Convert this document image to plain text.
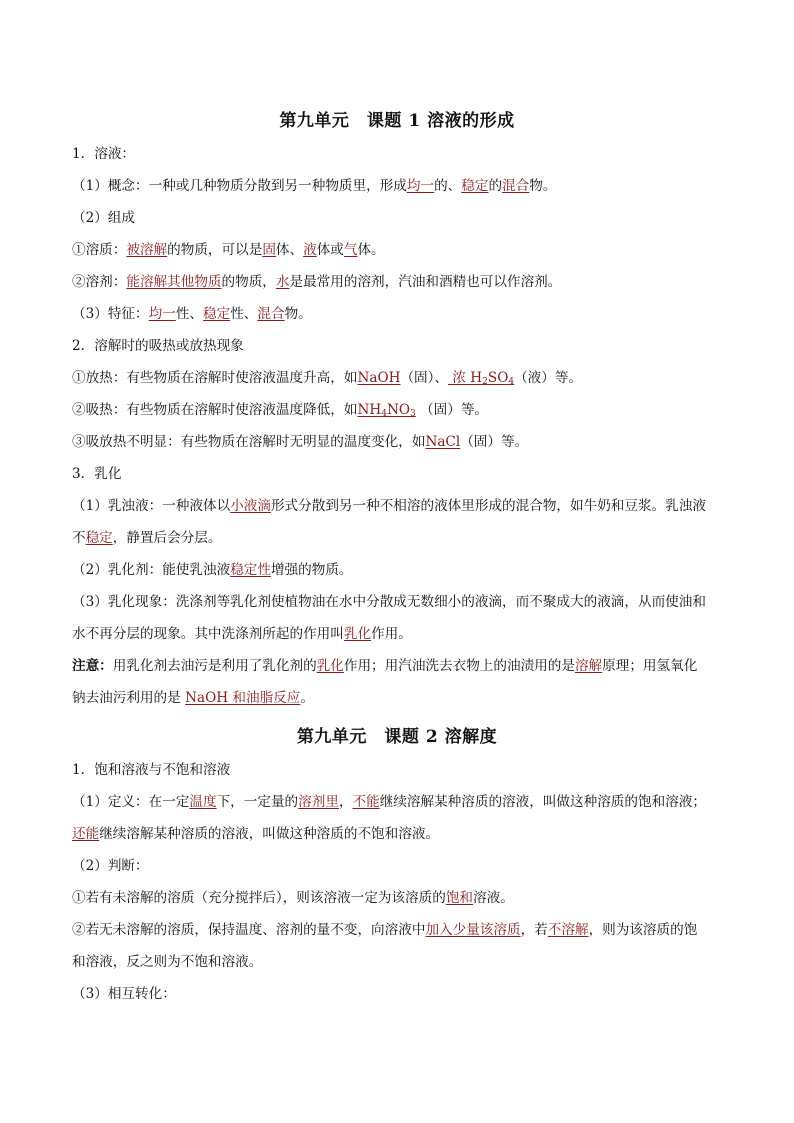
第九单元　课题 1 溶液的形成
1．溶液：
（1）概念：一种或几种物质分散到另一种物质里，形成均一的、稳定的混合物。
（2）组成
①溶质：被溶解的物质，可以是固体、液体或气体。
②溶剂：能溶解其他物质的物质，水是最常用的溶剂，汽油和酒精也可以作溶剂。
（3）特征：均一性、稳定性、混合物。
2．溶解时的吸热或放热现象
①放热：有些物质在溶解时使溶液温度升高，如NaOH（固）、 浓 $H_2SO_4$（液）等。
②吸热：有些物质在溶解时使溶液温度降低，如$NH_4NO_3$ （固）等。
③吸放热不明显：有些物质在溶解时无明显的温度变化，如NaCl（固）等。
3．乳化
（1）乳浊液：一种液体以小液滴形式分散到另一种不相溶的液体里形成的混合物，如牛奶和豆浆。乳浊液
不稳定，静置后会分层。
（2）乳化剂：能使乳浊液稳定性增强的物质。
（3）乳化现象：洗涤剂等乳化剂使植物油在水中分散成无数细小的液滴，而不聚成大的液滴，从而使油和
水不再分层的现象。其中洗涤剂所起的作用叫乳化作用。
注意：用乳化剂去油污是利用了乳化剂的乳化作用；用汽油洗去衣物上的油渍用的是溶解原理；用氢氧化
钠去油污利用的是 NaOH 和油脂反应。
第九单元　课题 2 溶解度
1．饱和溶液与不饱和溶液
（1）定义：在一定温度下，一定量的溶剂里，不能继续溶解某种溶质的溶液，叫做这种溶质的饱和溶液；
还能继续溶解某种溶质的溶液，叫做这种溶质的不饱和溶液。
（2）判断：
①若有未溶解的溶质（充分搅拌后），则该溶液一定为该溶质的饱和溶液。
②若无未溶解的溶质，保持温度、溶剂的量不变，向溶液中加入少量该溶质，若不溶解，则为该溶质的饱
和溶液，反之则为不饱和溶液。
（3）相互转化：
